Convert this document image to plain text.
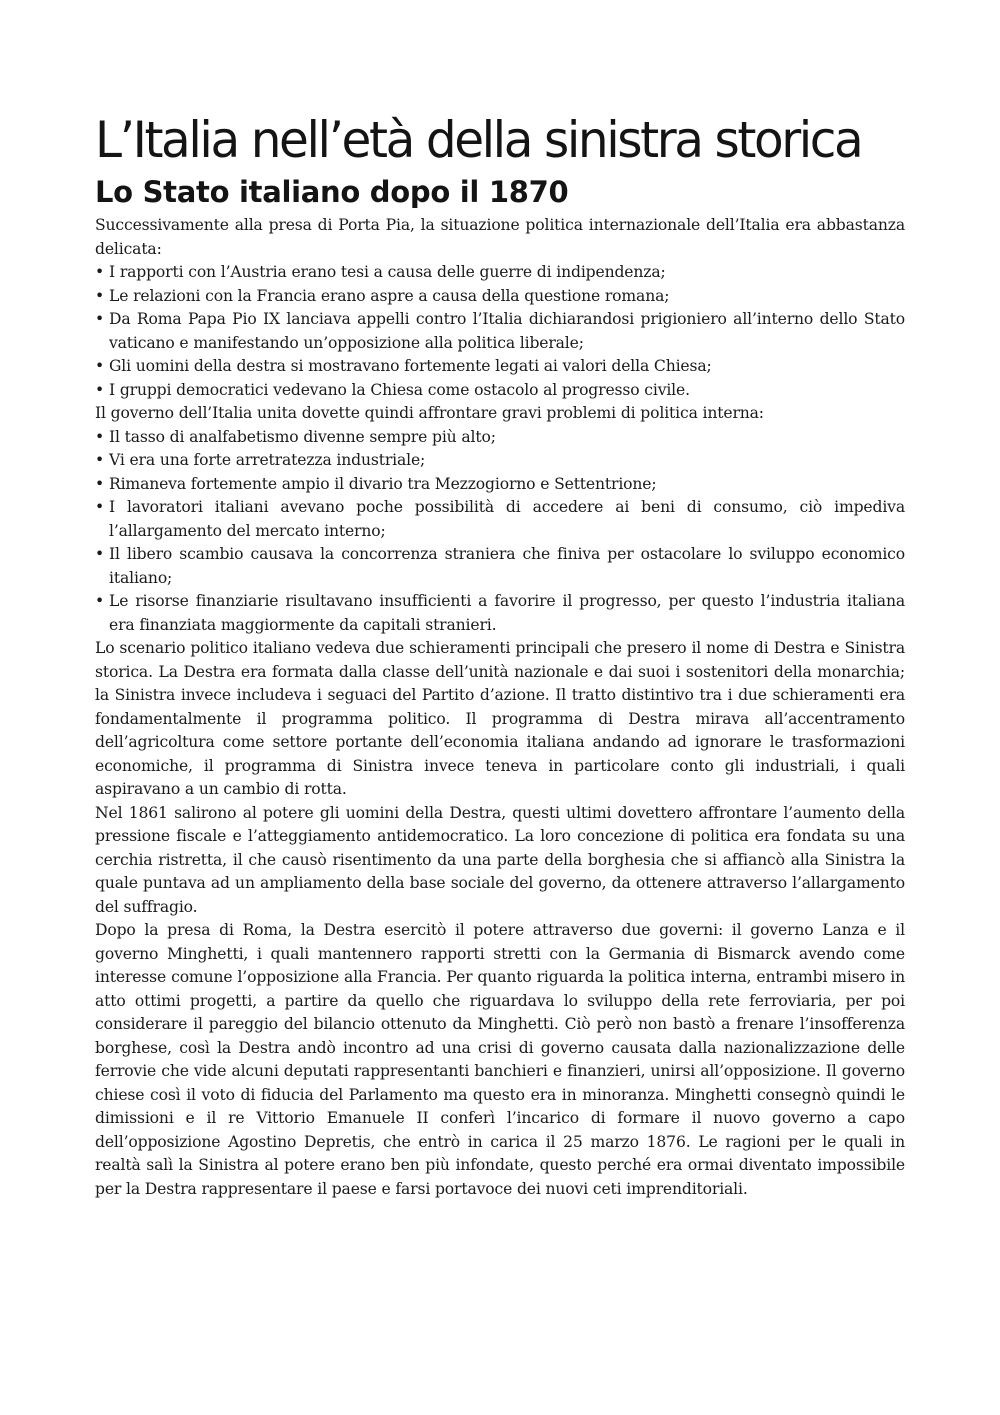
L’Italia nell’età della sinistra storica
Lo Stato italiano dopo il 1870

Successivamente alla presa di Porta Pia, la situazione politica internazionale dell’Italia era abbastanza delicata:

• I rapporti con l’Austria erano tesi a causa delle guerre di indipendenza;
• Le relazioni con la Francia erano aspre a causa della questione romana;
• Da Roma Papa Pio IX lanciava appelli contro l’Italia dichiarandosi prigioniero all’interno dello Stato vaticano e manifestando un’opposizione alla politica liberale;
• Gli uomini della destra si mostravano fortemente legati ai valori della Chiesa;
• I gruppi democratici vedevano la Chiesa come ostacolo al progresso civile.

Il governo dell’Italia unita dovette quindi affrontare gravi problemi di politica interna:

• Il tasso di analfabetismo divenne sempre più alto;
• Vi era una forte arretratezza industriale;
• Rimaneva fortemente ampio il divario tra Mezzogiorno e Settentrione;
• I lavoratori italiani avevano poche possibilità di accedere ai beni di consumo, ciò impediva l’allargamento del mercato interno;
• Il libero scambio causava la concorrenza straniera che finiva per ostacolare lo sviluppo economico italiano;
• Le risorse finanziarie risultavano insufficienti a favorire il progresso, per questo l’industria italiana era finanziata maggiormente da capitali stranieri.

Lo scenario politico italiano vedeva due schieramenti principali che presero il nome di Destra e Sinistra storica. La Destra era formata dalla classe dell’unità nazionale e dai suoi i sostenitori della monarchia; la Sinistra invece includeva i seguaci del Partito d’azione. Il tratto distintivo tra i due schieramenti era fondamentalmente il programma politico. Il programma di Destra mirava all’accentramento dell’agricoltura come settore portante dell’economia italiana andando ad ignorare le trasformazioni economiche, il programma di Sinistra invece teneva in particolare conto gli industriali, i quali aspiravano a un cambio di rotta.

Nel 1861 salirono al potere gli uomini della Destra, questi ultimi dovettero affrontare l’aumento della pressione fiscale e l’atteggiamento antidemocratico. La loro concezione di politica era fondata su una cerchia ristretta, il che causò risentimento da una parte della borghesia che si affiancò alla Sinistra la quale puntava ad un ampliamento della base sociale del governo, da ottenere attraverso l’allargamento del suffragio.

Dopo la presa di Roma, la Destra esercitò il potere attraverso due governi: il governo Lanza e il governo Minghetti, i quali mantennero rapporti stretti con la Germania di Bismarck avendo come interesse comune l’opposizione alla Francia. Per quanto riguarda la politica interna, entrambi misero in atto ottimi progetti, a partire da quello che riguardava lo sviluppo della rete ferroviaria, per poi considerare il pareggio del bilancio ottenuto da Minghetti. Ciò però non bastò a frenare l’insofferenza borghese, così la Destra andò incontro ad una crisi di governo causata dalla nazionalizzazione delle ferrovie che vide alcuni deputati rappresentanti banchieri e finanzieri, unirsi all’opposizione. Il governo chiese così il voto di fiducia del Parlamento ma questo era in minoranza. Minghetti consegnò quindi le dimissioni e il re Vittorio Emanuele II conferì l’incarico di formare il nuovo governo a capo dell’opposizione Agostino Depretis, che entrò in carica il 25 marzo 1876. Le ragioni per le quali in realtà salì la Sinistra al potere erano ben più infondate, questo perché era ormai diventato impossibile per la Destra rappresentare il paese e farsi portavoce dei nuovi ceti imprenditoriali.
